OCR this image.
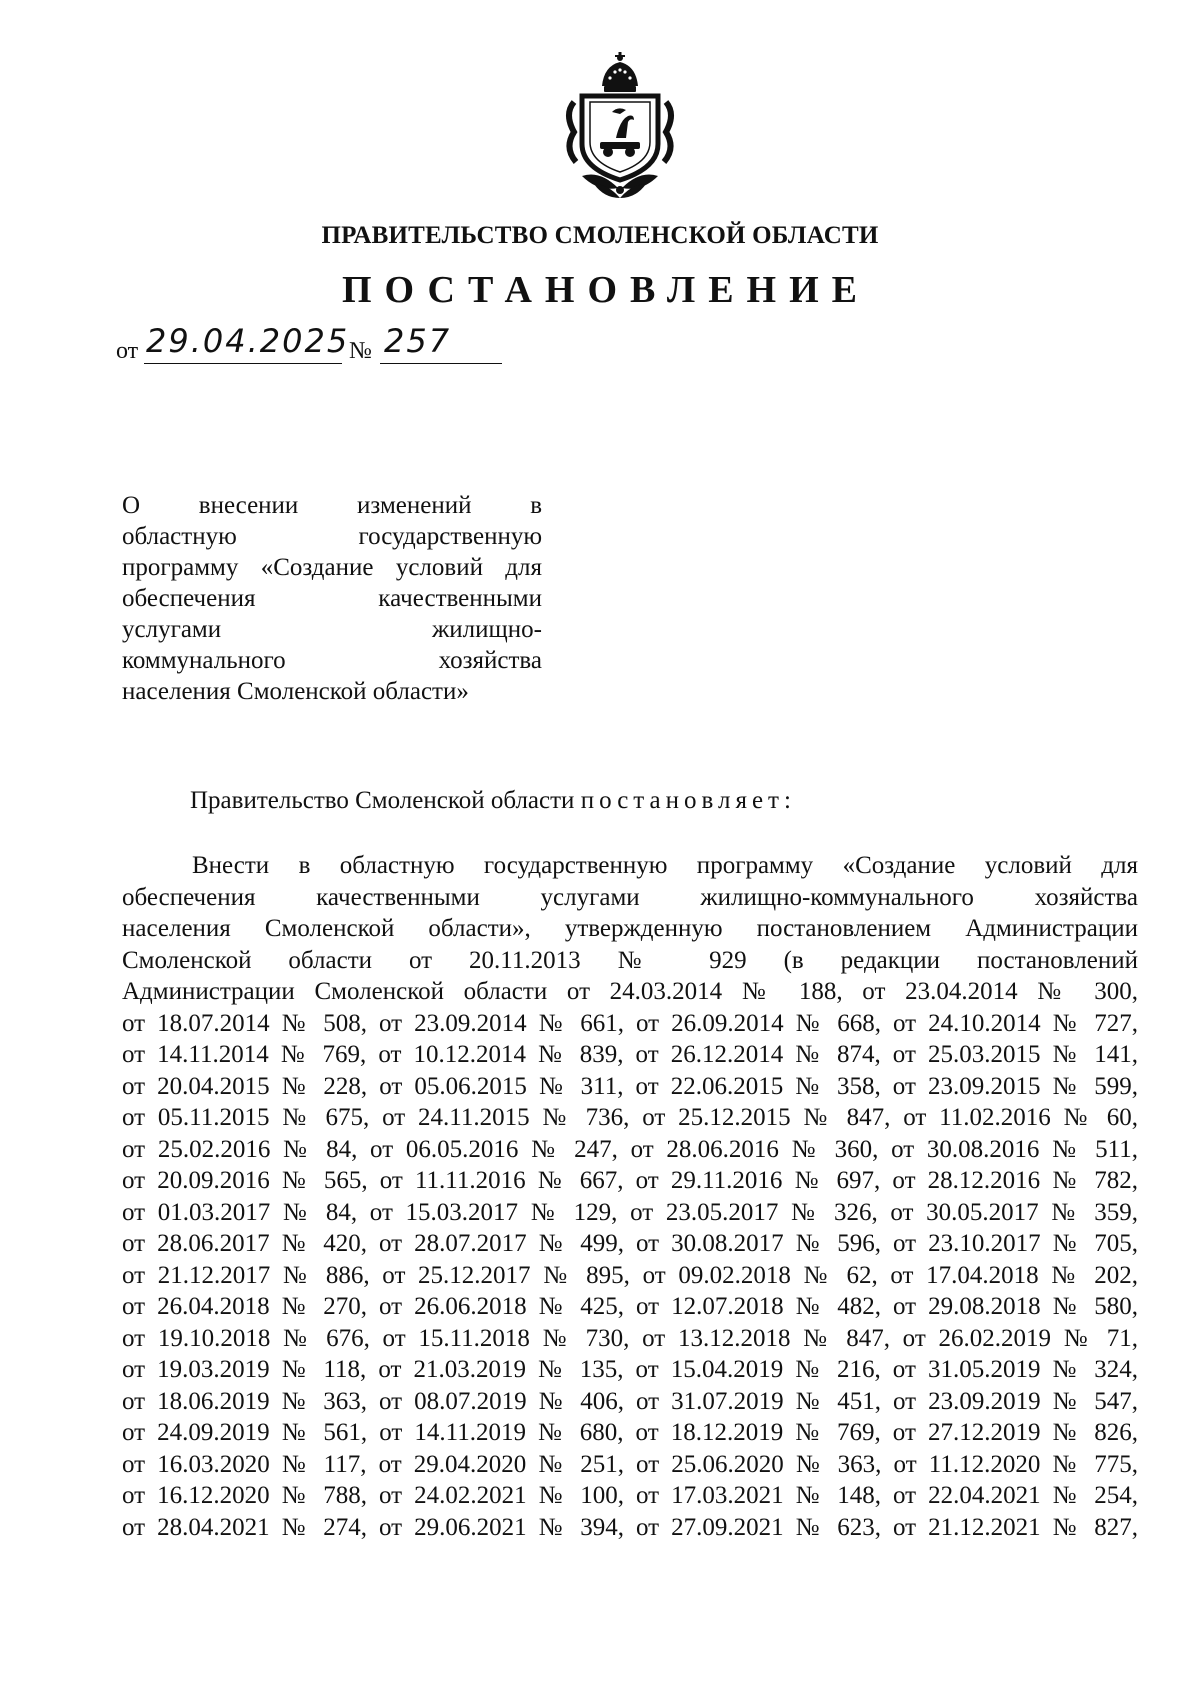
ПРАВИТЕЛЬСТВО СМОЛЕНСКОЙ ОБЛАСТИ
ПОСТАНОВЛЕНИЕ
от 29.04.2025 № 257
О внесении изменений в
областную государственную
программу «Создание условий для
обеспечения качественными
услугами жилищно-
коммунального хозяйства
населения Смоленской области»
Правительство Смоленской области постановляет:
Внести в областную государственную программу «Создание условий для
обеспечения качественными услугами жилищно-коммунального хозяйства
населения Смоленской области», утвержденную постановлением Администрации
Смоленской области от 20.11.2013 № 929 (в редакции постановлений
Администрации Смоленской области от 24.03.2014 № 188, от 23.04.2014 № 300,
от 18.07.2014 № 508, от 23.09.2014 № 661, от 26.09.2014 № 668, от 24.10.2014 № 727,
от 14.11.2014 № 769, от 10.12.2014 № 839, от 26.12.2014 № 874, от 25.03.2015 № 141,
от 20.04.2015 № 228, от 05.06.2015 № 311, от 22.06.2015 № 358, от 23.09.2015 № 599,
от 05.11.2015 № 675, от 24.11.2015 № 736, от 25.12.2015 № 847, от 11.02.2016 № 60,
от 25.02.2016 № 84, от 06.05.2016 № 247, от 28.06.2016 № 360, от 30.08.2016 № 511,
от 20.09.2016 № 565, от 11.11.2016 № 667, от 29.11.2016 № 697, от 28.12.2016 № 782,
от 01.03.2017 № 84, от 15.03.2017 № 129, от 23.05.2017 № 326, от 30.05.2017 № 359,
от 28.06.2017 № 420, от 28.07.2017 № 499, от 30.08.2017 № 596, от 23.10.2017 № 705,
от 21.12.2017 № 886, от 25.12.2017 № 895, от 09.02.2018 № 62, от 17.04.2018 № 202,
от 26.04.2018 № 270, от 26.06.2018 № 425, от 12.07.2018 № 482, от 29.08.2018 № 580,
от 19.10.2018 № 676, от 15.11.2018 № 730, от 13.12.2018 № 847, от 26.02.2019 № 71,
от 19.03.2019 № 118, от 21.03.2019 № 135, от 15.04.2019 № 216, от 31.05.2019 № 324,
от 18.06.2019 № 363, от 08.07.2019 № 406, от 31.07.2019 № 451, от 23.09.2019 № 547,
от 24.09.2019 № 561, от 14.11.2019 № 680, от 18.12.2019 № 769, от 27.12.2019 № 826,
от 16.03.2020 № 117, от 29.04.2020 № 251, от 25.06.2020 № 363, от 11.12.2020 № 775,
от 16.12.2020 № 788, от 24.02.2021 № 100, от 17.03.2021 № 148, от 22.04.2021 № 254,
от 28.04.2021 № 274, от 29.06.2021 № 394, от 27.09.2021 № 623, от 21.12.2021 № 827,
